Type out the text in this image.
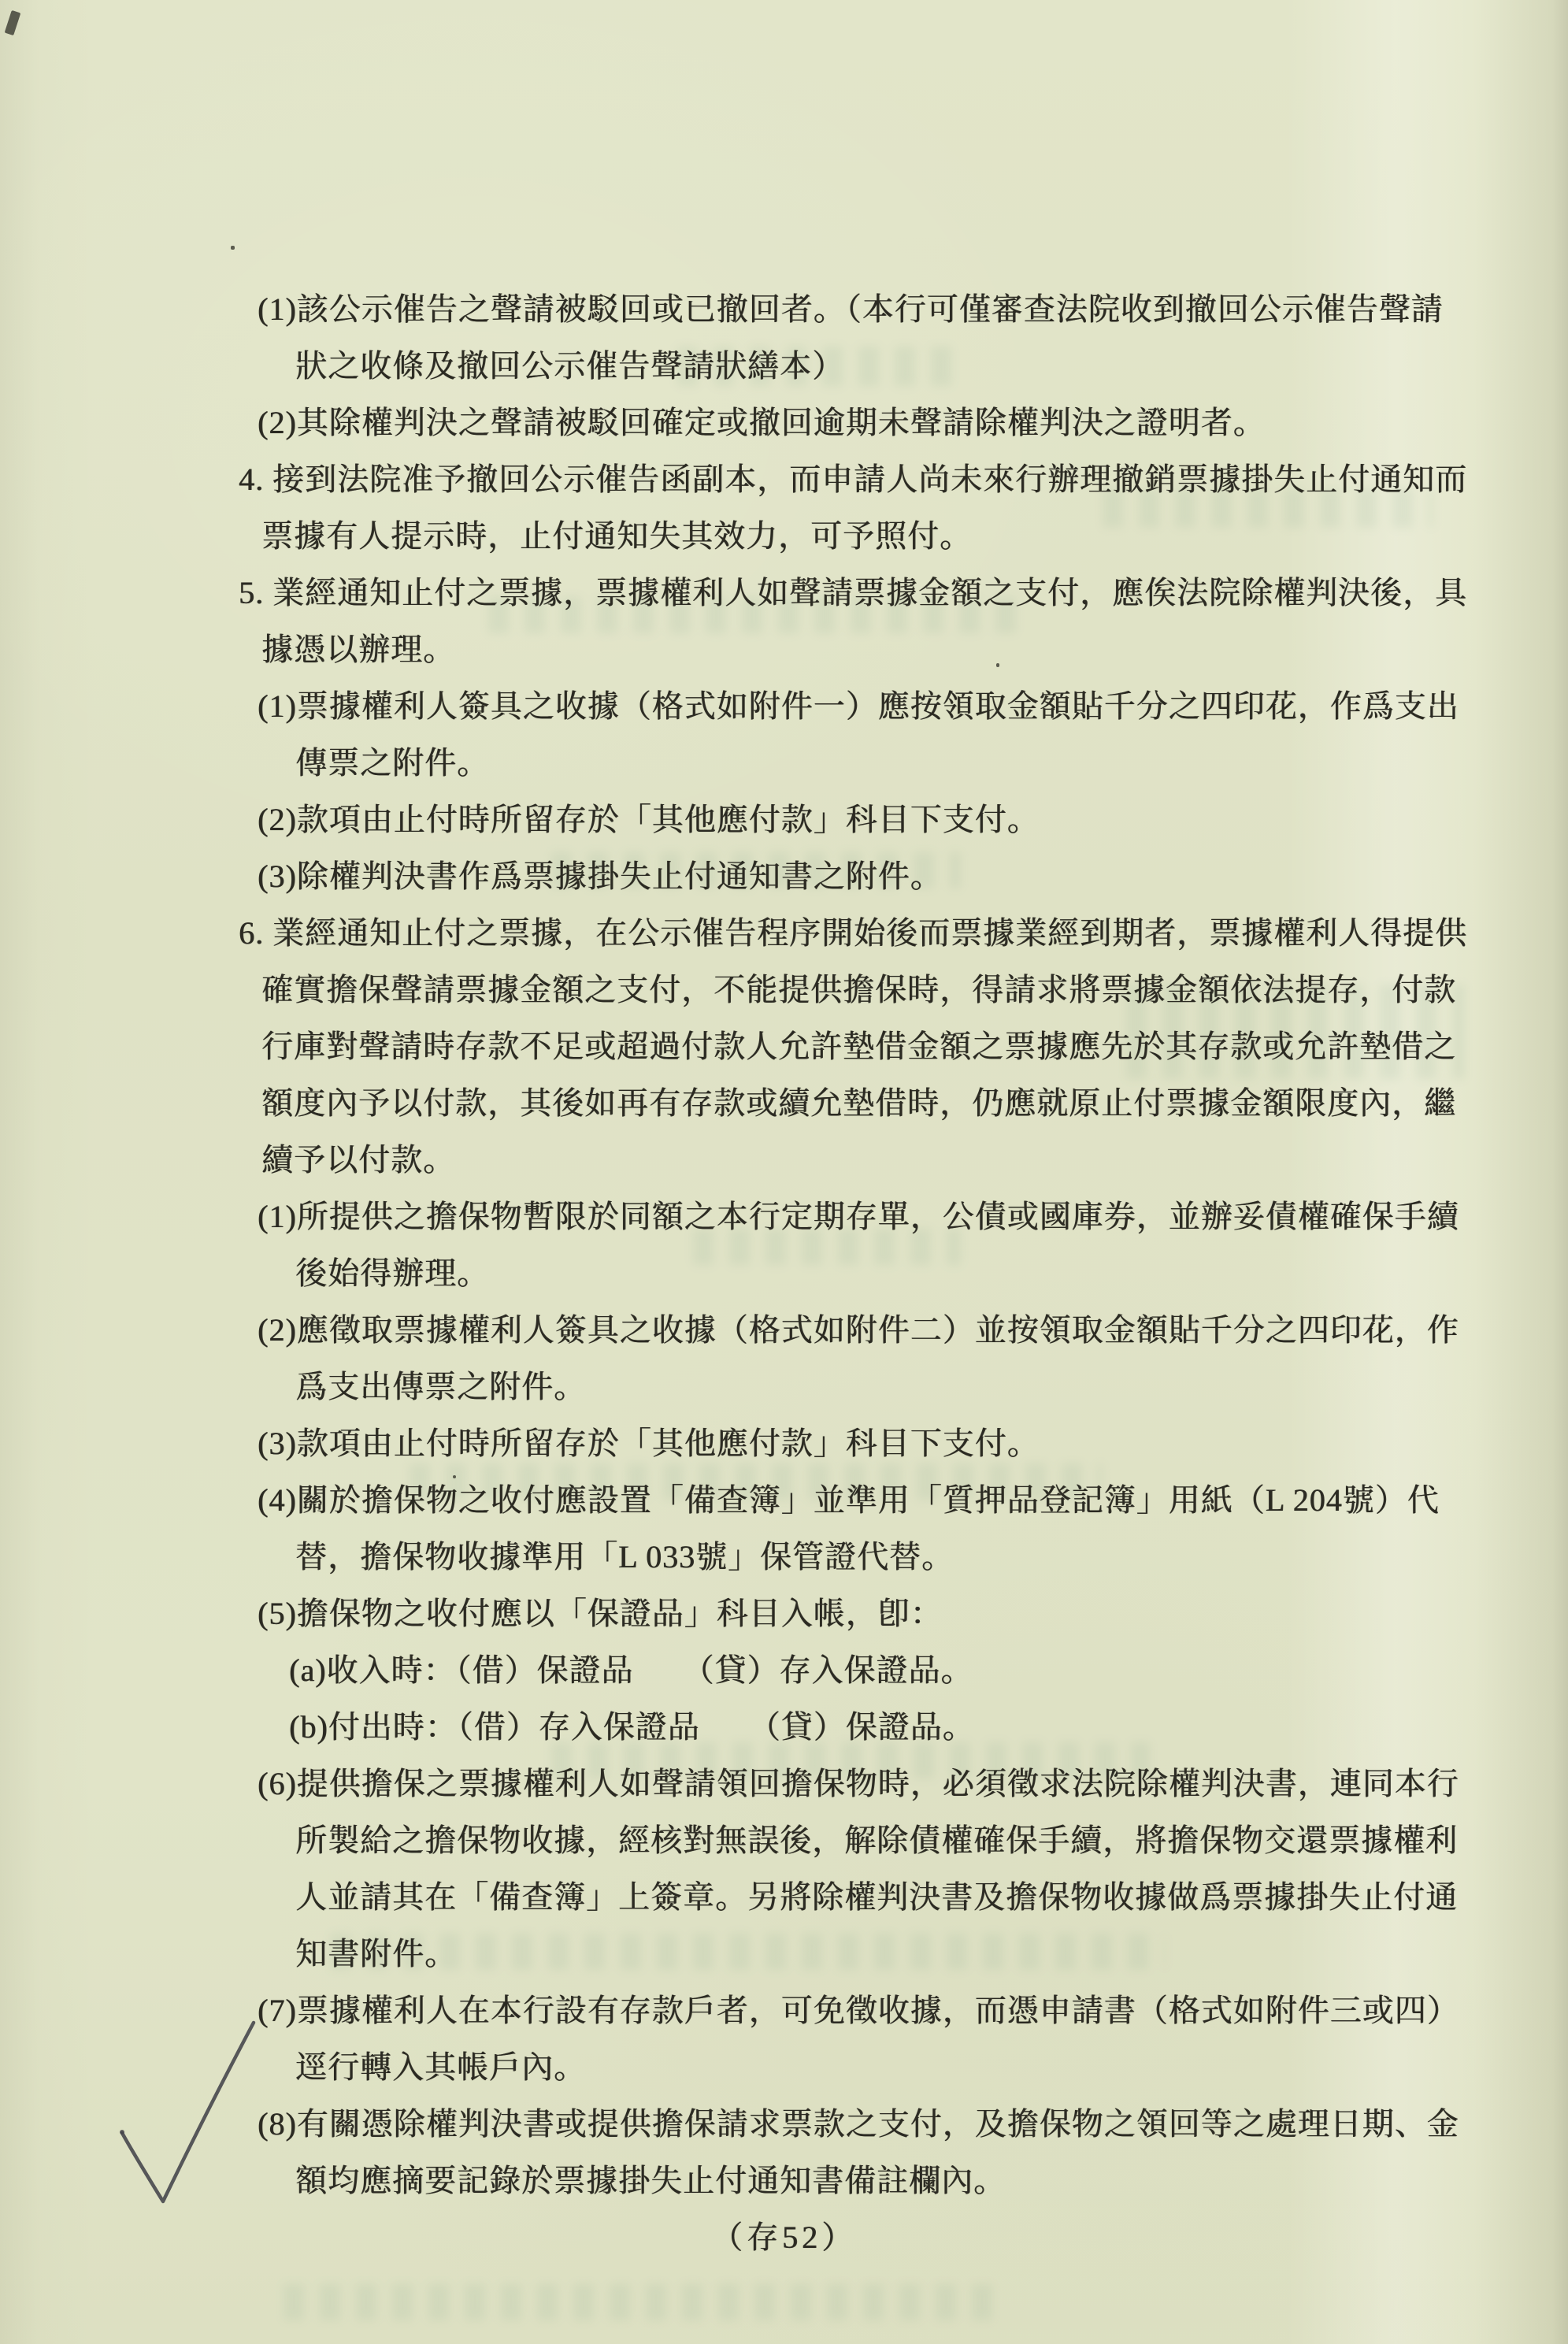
(1)該公示催告之聲請被駁回或已撤回者。（本行可僅審查法院收到撤回公示催告聲請
狀之收條及撤回公示催告聲請狀繕本）
(2)其除權判決之聲請被駁回確定或撤回逾期未聲請除權判決之證明者。
4. 接到法院准予撤回公示催告函副本，而申請人尚未來行辦理撤銷票據掛失止付通知而
票據有人提示時，止付通知失其效力，可予照付。
5. 業經通知止付之票據，票據權利人如聲請票據金額之支付，應俟法院除權判決後，具
據憑以辦理。
(1)票據權利人簽具之收據（格式如附件一）應按領取金額貼千分之四印花，作爲支出
傳票之附件。
(2)款項由止付時所留存於「其他應付款」科目下支付。
(3)除權判決書作爲票據掛失止付通知書之附件。
6. 業經通知止付之票據，在公示催告程序開始後而票據業經到期者，票據權利人得提供
確實擔保聲請票據金額之支付，不能提供擔保時，得請求將票據金額依法提存，付款
行庫對聲請時存款不足或超過付款人允許墊借金額之票據應先於其存款或允許墊借之
額度內予以付款，其後如再有存款或續允墊借時，仍應就原止付票據金額限度內，繼
續予以付款。
(1)所提供之擔保物暫限於同額之本行定期存單，公債或國庫券，並辦妥債權確保手續
後始得辦理。
(2)應徵取票據權利人簽具之收據（格式如附件二）並按領取金額貼千分之四印花，作
爲支出傳票之附件。
(3)款項由止付時所留存於「其他應付款」科目下支付。
(4)關於擔保物之收付應設置「備查簿」並準用「質押品登記簿」用紙（L 204號）代
替，擔保物收據準用「L 033號」保管證代替。
(5)擔保物之收付應以「保證品」科目入帳，卽：
(a)收入時：（借）保證品　　（貸）存入保證品。
(b)付出時：（借）存入保證品　　（貸）保證品。
(6)提供擔保之票據權利人如聲請領回擔保物時，必須徵求法院除權判決書，連同本行
所製給之擔保物收據，經核對無誤後，解除債權確保手續，將擔保物交還票據權利
人並請其在「備查簿」上簽章。另將除權判決書及擔保物收據做爲票據掛失止付通
知書附件。
(7)票據權利人在本行設有存款戶者，可免徵收據，而憑申請書（格式如附件三或四）
逕行轉入其帳戶內。
(8)有關憑除權判決書或提供擔保請求票款之支付，及擔保物之領回等之處理日期、金
額均應摘要記錄於票據掛失止付通知書備註欄內。
（存52）
